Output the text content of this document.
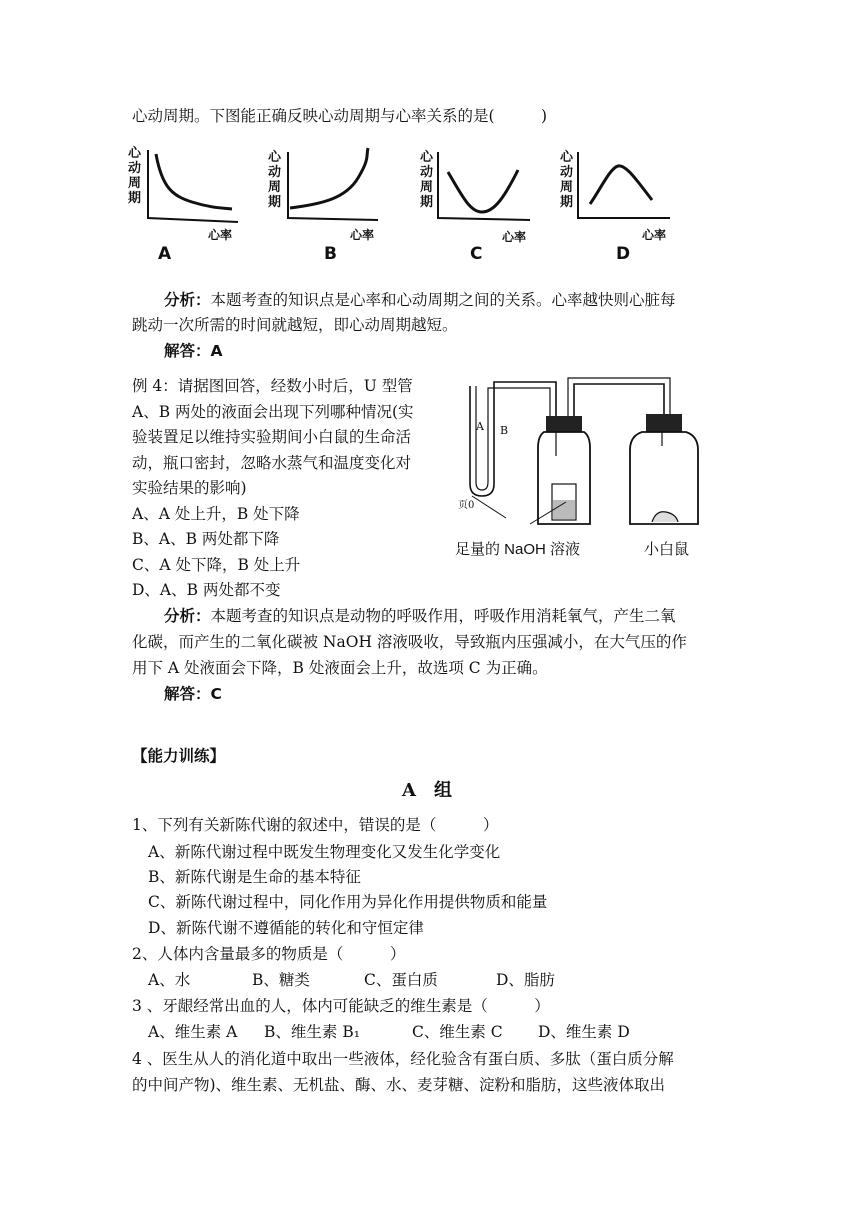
心动周期。下图能正确反映心动周期与心率关系的是(　　　)
心动周期
心率
A
心动周期
心率
B
心动周期
心率
C
心动周期
心率
D
分析：本题考查的知识点是心率和心动周期之间的关系。心率越快则心脏每
跳动一次所需的时间就越短，即心动周期越短。
解答：A
例 4：请据图回答，经数小时后，U 型管
A、B 两处的液面会出现下列哪种情况(实
验装置足以维持实验期间小白鼠的生命活
动，瓶口密封，忽略水蒸气和温度变化对
实验结果的影响)
A、A 处上升，B 处下降
B、A、B 两处都下降
C、A 处下降，B 处上升
D、A、B 两处都不变
A B
页0
足量的 NaOH 溶液	小白鼠
分析：本题考查的知识点是动物的呼吸作用，呼吸作用消耗氧气，产生二氧
化碳，而产生的二氧化碳被 NaOH 溶液吸收，导致瓶内压强减小，在大气压的作
用下 A 处液面会下降，B 处液面会上升，故选项 C 为正确。
解答：C
【能力训练】
A　组
1、下列有关新陈代谢的叙述中，错误的是（　　　）
A、新陈代谢过程中既发生物理变化又发生化学变化
B、新陈代谢是生命的基本特征
C、新陈代谢过程中，同化作用为异化作用提供物质和能量
D、新陈代谢不遵循能的转化和守恒定律
2、人体内含量最多的物质是（　　　）
A、水	B、糖类	C、蛋白质	D、脂肪
3 、牙龈经常出血的人，体内可能缺乏的维生素是（　　　）
A、维生素 A B、维生素 B₁	C、维生素 C D、维生素 D
4 、医生从人的消化道中取出一些液体，经化验含有蛋白质、多肽（蛋白质分解
的中间产物)、维生素、无机盐、酶、水、麦芽糖、淀粉和脂肪，这些液体取出
